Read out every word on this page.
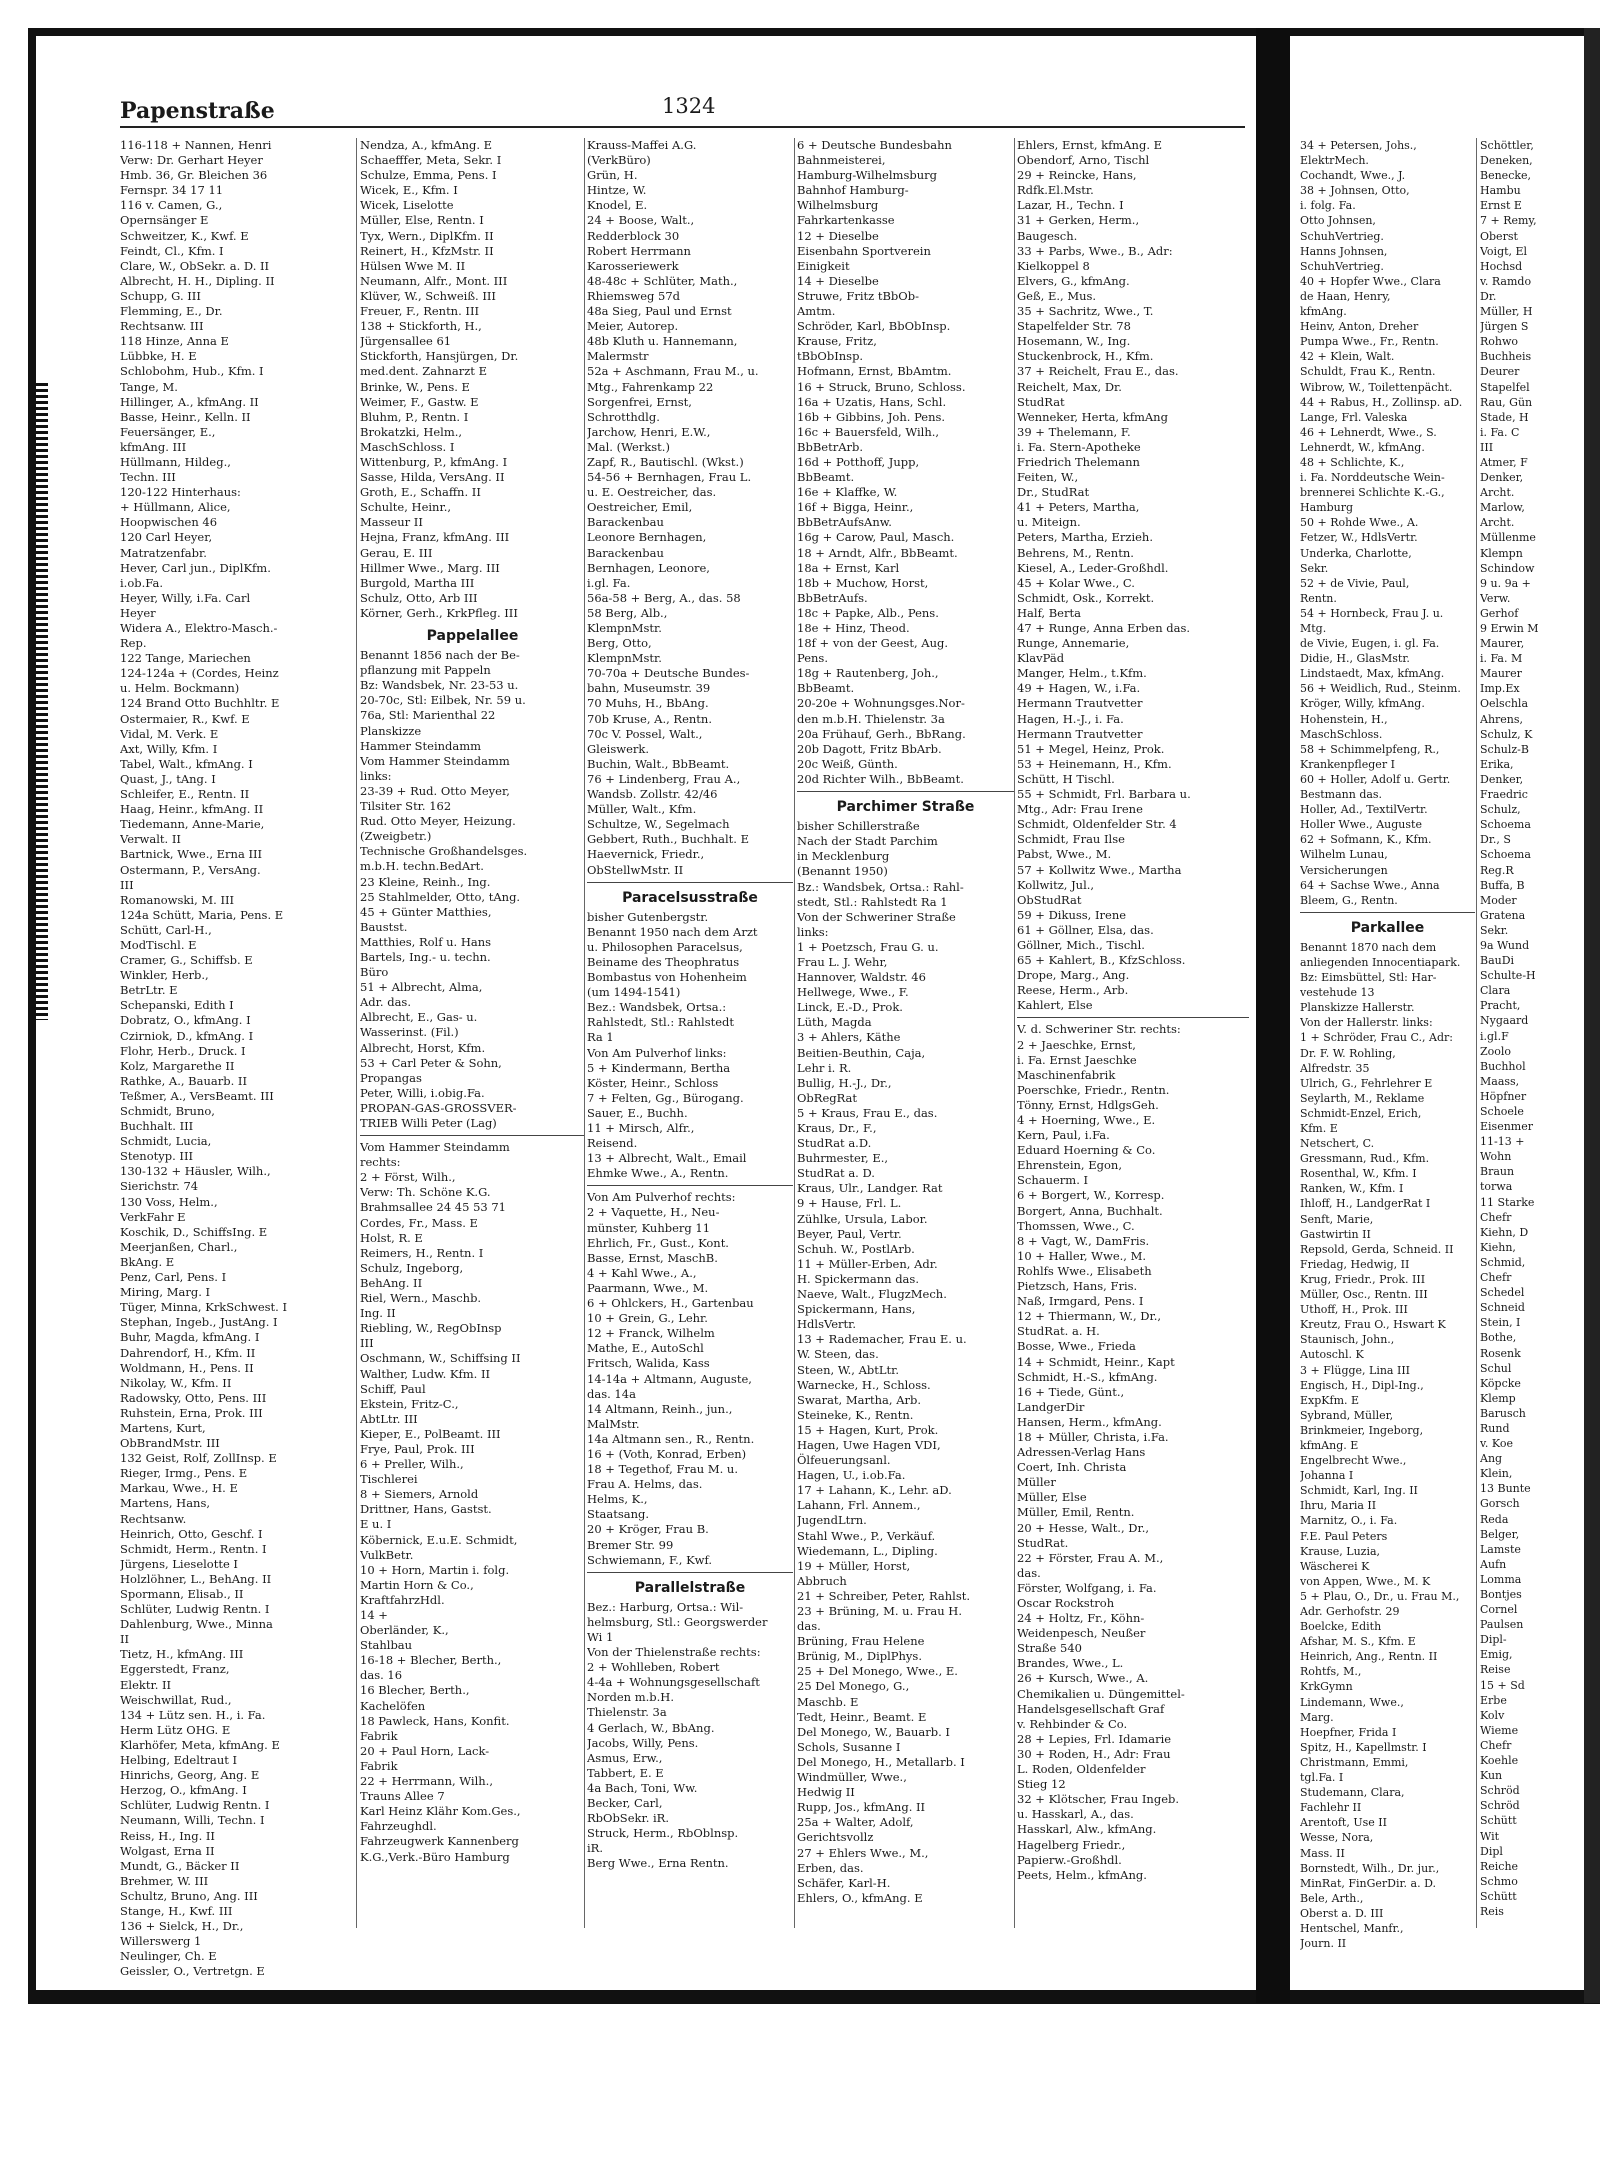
Papenstraße	1324

116-118 + Nannen, Henri

Verw: Dr. Gerhart Heyer

Hmb. 36, Gr. Bleichen 36

Fernspr. 34 17 11

116 v. Camen, G.,

Opernsänger E

Schweitzer, K., Kwf. E

Feindt, Cl., Kfm. I

Clare, W., ObSekr. a. D. II

Albrecht, H. H., Dipling. II

Schupp, G. III

Flemming, E., Dr.

Rechtsanw. III

118 Hinze, Anna E

Lübbke, H. E

Schlobohm, Hub., Kfm. I

Tange, M.

Hillinger, A., kfmAng. II

Basse, Heinr., Kelln. II

Feuersänger, E.,

kfmAng. III

Hüllmann, Hildeg.,

Techn. III

120-122 Hinterhaus:

+ Hüllmann, Alice,

Hoopwischen 46

120 Carl Heyer,

Matratzenfabr.

Hever, Carl jun., DiplKfm.

i.ob.Fa.

Heyer, Willy, i.Fa. Carl

Heyer

Widera A., Elektro-Masch.-

Rep.

122 Tange, Mariechen

124-124a + (Cordes, Heinz

u. Helm. Bockmann)

124 Brand Otto Buchhltr. E

Ostermaier, R., Kwf. E

Vidal, M. Verk. E

Axt, Willy, Kfm. I

Tabel, Walt., kfmAng. I

Quast, J., tAng. I

Schleifer, E., Rentn. II

Haag, Heinr., kfmAng. II

Tiedemann, Anne-Marie,

Verwalt. II

Bartnick, Wwe., Erna III

Ostermann, P., VersAng.

III

Romanowski, M. III

124a Schütt, Maria, Pens. E

Schütt, Carl-H.,

ModTischl. E

Cramer, G., Schiffsb. E

Winkler, Herb.,

BetrLtr. E

Schepanski, Edith I

Dobratz, O., kfmAng. I

Czirniok, D., kfmAng. I

Flohr, Herb., Druck. I

Kolz, Margarethe II

Rathke, A., Bauarb. II

Teßmer, A., VersBeamt. III

Schmidt, Bruno,

Buchhalt. III

Schmidt, Lucia,

Stenotyp. III

130-132 + Häusler, Wilh.,

Sierichstr. 74

130 Voss, Helm.,

VerkFahr E

Koschik, D., SchiffsIng. E

Meerjanßen, Charl.,

BkAng. E

Penz, Carl, Pens. I

Miring, Marg. I

Tüger, Minna, KrkSchwest. I

Stephan, Ingeb., JustAng. I

Buhr, Magda, kfmAng. I

Dahrendorf, H., Kfm. II

Woldmann, H., Pens. II

Nikolay, W., Kfm. II

Radowsky, Otto, Pens. III

Ruhstein, Erna, Prok. III

Martens, Kurt,

ObBrandMstr. III

132 Geist, Rolf, ZollInsp. E

Rieger, Irmg., Pens. E

Markau, Wwe., H. E

Martens, Hans,

Rechtsanw.

Heinrich, Otto, Geschf. I

Schmidt, Herm., Rentn. I

Jürgens, Lieselotte I

Holzlöhner, L., BehAng. II

Spormann, Elisab., II

Schlüter, Ludwig Rentn. I

Dahlenburg, Wwe., Minna

II

Tietz, H., kfmAng. III

Eggerstedt, Franz,

Elektr. II

Weischwillat, Rud.,

134 + Lütz sen. H., i. Fa.

Herm Lütz OHG. E

Klarhöfer, Meta, kfmAng. E

Helbing, Edeltraut I

Hinrichs, Georg, Ang. E

Herzog, O., kfmAng. I

Schlüter, Ludwig Rentn. I

Neumann, Willi, Techn. I

Reiss, H., Ing. II

Wolgast, Erna II

Mundt, G., Bäcker II

Brehmer, W. III

Schultz, Bruno, Ang. III

Stange, H., Kwf. III

136 + Sielck, H., Dr.,

Willerswerg 1

Neulinger, Ch. E

Geissler, O., Vertretgn. E

Nendza, A., kfmAng. E

Schaefffer, Meta, Sekr. I

Schulze, Emma, Pens. I

Wicek, E., Kfm. I

Wicek, Liselotte

Müller, Else, Rentn. I

Tyx, Wern., DiplKfm. II

Reinert, H., KfzMstr. II

Hülsen Wwe M. II

Neumann, Alfr., Mont. III

Klüver, W., Schweiß. III

Freuer, F., Rentn. III

138 + Stickforth, H.,

Jürgensallee 61

Stickforth, Hansjürgen, Dr.

med.dent. Zahnarzt E

Brinke, W., Pens. E

Weimer, F., Gastw. E

Bluhm, P., Rentn. I

Brokatzki, Helm.,

MaschSchloss. I

Wittenburg, P., kfmAng. I

Sasse, Hilda, VersAng. II

Groth, E., Schaffn. II

Schulte, Heinr.,

Masseur II

Hejna, Franz, kfmAng. III

Gerau, E. III

Hillmer Wwe., Marg. III

Burgold, Martha III

Schulz, Otto, Arb III

Körner, Gerh., KrkPfleg. III

Pappelallee

Benannt 1856 nach der Be-

pflanzung mit Pappeln

Bz: Wandsbek, Nr. 23-53 u.

20-70c, Stl: Eilbek, Nr. 59 u.

76a, Stl: Marienthal 22

Planskizze

Hammer Steindamm

Vom Hammer Steindamm

links:

23-39 + Rud. Otto Meyer,

Tilsiter Str. 162

Rud. Otto Meyer, Heizung.

(Zweigbetr.)

Technische Großhandelsges.

m.b.H. techn.BedArt.

23 Kleine, Reinh., Ing.

25 Stahlmelder, Otto, tAng.

45 + Günter Matthies,

Baustst.

Matthies, Rolf u. Hans

Bartels, Ing.- u. techn.

Büro

51 + Albrecht, Alma,

Adr. das.

Albrecht, E., Gas- u.

Wasserinst. (Fil.)

Albrecht, Horst, Kfm.

53 + Carl Peter & Sohn,

Propangas

Peter, Willi, i.obig.Fa.

PROPAN-GAS-GROSSVER-

TRIEB Willi Peter (Lag)

Vom Hammer Steindamm

rechts:

2 + Först, Wilh.,

Verw: Th. Schöne K.G.

Brahmsallee 24 45 53 71

Cordes, Fr., Mass. E

Holst, R. E

Reimers, H., Rentn. I

Schulz, Ingeborg,

BehAng. II

Riel, Wern., Maschb.

Ing. II

Riebling, W., RegObInsp

III

Oschmann, W., Schiffsing II

Walther, Ludw. Kfm. II

Schiff, Paul

Ekstein, Fritz-C.,

AbtLtr. III

Kieper, E., PolBeamt. III

Frye, Paul, Prok. III

6 + Preller, Wilh.,

Tischlerei

8 + Siemers, Arnold

Drittner, Hans, Gastst.

E u. I

Köbernick, E.u.E. Schmidt,

VulkBetr.

10 + Horn, Martin i. folg.

Martin Horn & Co.,

KraftfahrzHdl.

14 +

Oberländer, K.,

Stahlbau

16-18 + Blecher, Berth.,

das. 16

16 Blecher, Berth.,

Kachelöfen

18 Pawleck, Hans, Konfit.

Fabrik

20 + Paul Horn, Lack-

Fabrik

22 + Herrmann, Wilh.,

Trauns Allee 7

Karl Heinz Klähr Kom.Ges.,

Fahrzeughdl.

Fahrzeugwerk Kannenberg

K.G.,Verk.-Büro Hamburg

Krauss-Maffei A.G.

(VerkBüro)

Grün, H.

Hintze, W.

Knodel, E.

24 + Boose, Walt.,

Redderblock 30

Robert Herrmann

Karosseriewerk

48-48c + Schlüter, Math.,

Rhiemsweg 57d

48a Sieg, Paul und Ernst

Meier, Autorep.

48b Kluth u. Hannemann,

Malermstr

52a + Aschmann, Frau M., u.

Mtg., Fahrenkamp 22

Sorgenfrei, Ernst,

Schrotthdlg.

Jarchow, Henri, E.W.,

Mal. (Werkst.)

Zapf, R., Bautischl. (Wkst.)

54-56 + Bernhagen, Frau L.

u. E. Oestreicher, das.

Oestreicher, Emil,

Barackenbau

Leonore Bernhagen,

Barackenbau

Bernhagen, Leonore,

i.gl. Fa.

56a-58 + Berg, A., das. 58

58 Berg, Alb.,

KlempnMstr.

Berg, Otto,

KlempnMstr.

70-70a + Deutsche Bundes-

bahn, Museumstr. 39

70 Muhs, H., BbAng.

70b Kruse, A., Rentn.

70c V. Possel, Walt.,

Gleiswerk.

Buchin, Walt., BbBeamt.

76 + Lindenberg, Frau A.,

Wandsb. Zollstr. 42/46

Müller, Walt., Kfm.

Schultze, W., Segelmach

Gebbert, Ruth., Buchhalt. E

Haevernick, Friedr.,

ObStellwMstr. II

Paracelsusstraße

bisher Gutenbergstr.

Benannt 1950 nach dem Arzt

u. Philosophen Paracelsus,

Beiname des Theophratus

Bombastus von Hohenheim

(um 1494-1541)

Bez.: Wandsbek, Ortsa.:

Rahlstedt, Stl.: Rahlstedt

Ra 1

Von Am Pulverhof links:

5 + Kindermann, Bertha

Köster, Heinr., Schloss

7 + Felten, Gg., Bürogang.

Sauer, E., Buchh.

11 + Mirsch, Alfr.,

Reisend.

13 + Albrecht, Walt., Email

Ehmke Wwe., A., Rentn.

Von Am Pulverhof rechts:

2 + Vaquette, H., Neu-

münster, Kuhberg 11

Ehrlich, Fr., Gust., Kont.

Basse, Ernst, MaschB.

4 + Kahl Wwe., A.,

Paarmann, Wwe., M.

6 + Ohlckers, H., Gartenbau

10 + Grein, G., Lehr.

12 + Franck, Wilhelm

Mathe, E., AutoSchl

Fritsch, Walida, Kass

14-14a + Altmann, Auguste,

das. 14a

14 Altmann, Reinh., jun.,

MalMstr.

14a Altmann sen., R., Rentn.

16 + (Voth, Konrad, Erben)

18 + Tegethof, Frau M. u.

Frau A. Helms, das.

Helms, K.,

Staatsang.

20 + Kröger, Frau B.

Bremer Str. 99

Schwiemann, F., Kwf.

Parallelstraße

Bez.: Harburg, Ortsa.: Wil-

helmsburg, Stl.: Georgswerder

Wi 1

Von der Thielenstraße rechts:

2 + Wohlleben, Robert

4-4a + Wohnungsgesellschaft

Norden m.b.H.

Thielenstr. 3a

4 Gerlach, W., BbAng.

Jacobs, Willy, Pens.

Asmus, Erw.,

Tabbert, E. E

4a Bach, Toni, Ww.

Becker, Carl,

RbObSekr. iR.

Struck, Herm., RbOblnsp.

iR.

Berg Wwe., Erna Rentn.

6 + Deutsche Bundesbahn

Bahnmeisterei,

Hamburg-Wilhelmsburg

Bahnhof Hamburg-

Wilhelmsburg

Fahrkartenkasse

12 + Dieselbe

Eisenbahn Sportverein

Einigkeit

14 + Dieselbe

Struwe, Fritz tBbOb-

Amtm.

Schröder, Karl, BbObInsp.

Krause, Fritz,

tBbObInsp.

Hofmann, Ernst, BbAmtm.

16 + Struck, Bruno, Schloss.

16a + Uzatis, Hans, Schl.

16b + Gibbins, Joh. Pens.

16c + Bauersfeld, Wilh.,

BbBetrArb.

16d + Potthoff, Jupp,

BbBeamt.

16e + Klaffke, W.

16f + Bigga, Heinr.,

BbBetrAufsAnw.

16g + Carow, Paul, Masch.

18 + Arndt, Alfr., BbBeamt.

18a + Ernst, Karl

18b + Muchow, Horst,

BbBetrAufs.

18c + Papke, Alb., Pens.

18e + Hinz, Theod.

18f + von der Geest, Aug.

Pens.

18g + Rautenberg, Joh.,

BbBeamt.

20-20e + Wohnungsges.Nor-

den m.b.H. Thielenstr. 3a

20a Frühauf, Gerh., BbRang.

20b Dagott, Fritz BbArb.

20c Weiß, Günth.

20d Richter Wilh., BbBeamt.

Parchimer Straße

bisher Schillerstraße

Nach der Stadt Parchim

in Mecklenburg

(Benannt 1950)

Bz.: Wandsbek, Ortsa.: Rahl-

stedt, Stl.: Rahlstedt Ra 1

Von der Schweriner Straße

links:

1 + Poetzsch, Frau G. u.

Frau L. J. Wehr,

Hannover, Waldstr. 46

Hellwege, Wwe., F.

Linck, E.-D., Prok.

Lüth, Magda

3 + Ahlers, Käthe

Beitien-Beuthin, Caja,

Lehr i. R.

Bullig, H.-J., Dr.,

ObRegRat

5 + Kraus, Frau E., das.

Kraus, Dr., F.,

StudRat a.D.

Buhrmester, E.,

StudRat a. D.

Kraus, Ulr., Landger. Rat

9 + Hause, Frl. L.

Zühlke, Ursula, Labor.

Beyer, Paul, Vertr.

Schuh. W., PostlArb.

11 + Müller-Erben, Adr.

H. Spickermann das.

Naeve, Walt., FlugzMech.

Spickermann, Hans,

HdlsVertr.

13 + Rademacher, Frau E. u.

W. Steen, das.

Steen, W., AbtLtr.

Warnecke, H., Schloss.

Swarat, Martha, Arb.

Steineke, K., Rentn.

15 + Hagen, Kurt, Prok.

Hagen, Uwe Hagen VDI,

Ölfeuerungsanl.

Hagen, U., i.ob.Fa.

17 + Lahann, K., Lehr. aD.

Lahann, Frl. Annem.,

JugendLtrn.

Stahl Wwe., P., Verkäuf.

Wiedemann, L., Dipling.

19 + Müller, Horst,

Abbruch

21 + Schreiber, Peter, Rahlst.

23 + Brüning, M. u. Frau H.

das.

Brüning, Frau Helene

Brünig, M., DiplPhys.

25 + Del Monego, Wwe., E.

25 Del Monego, G.,

Maschb. E

Tedt, Heinr., Beamt. E

Del Monego, W., Bauarb. I

Schols, Susanne I

Del Monego, H., Metallarb. I

Windmüller, Wwe.,

Hedwig II

Rupp, Jos., kfmAng. II

25a + Walter, Adolf,

Gerichtsvollz

27 + Ehlers Wwe., M.,

Erben, das.

Schäfer, Karl-H.

Ehlers, O., kfmAng. E

Ehlers, Ernst, kfmAng. E

Obendorf, Arno, Tischl

29 + Reincke, Hans,

Rdfk.El.Mstr.

Lazar, H., Techn. I

31 + Gerken, Herm.,

Baugesch.

33 + Parbs, Wwe., B., Adr:

Kielkoppel 8

Elvers, G., kfmAng.

Geß, E., Mus.

35 + Sachritz, Wwe., T.

Stapelfelder Str. 78

Hosemann, W., Ing.

Stuckenbrock, H., Kfm.

37 + Reichelt, Frau E., das.

Reichelt, Max, Dr.

StudRat

Wenneker, Herta, kfmAng

39 + Thelemann, F.

i. Fa. Stern-Apotheke

Friedrich Thelemann

Feiten, W.,

Dr., StudRat

41 + Peters, Martha,

u. Miteign.

Peters, Martha, Erzieh.

Behrens, M., Rentn.

Kiesel, A., Leder-Großhdl.

45 + Kolar Wwe., C.

Schmidt, Osk., Korrekt.

Half, Berta

47 + Runge, Anna Erben das.

Runge, Annemarie,

KlavPäd

Manger, Helm., t.Kfm.

49 + Hagen, W., i.Fa.

Hermann Trautvetter

Hagen, H.-J., i. Fa.

Hermann Trautvetter

51 + Megel, Heinz, Prok.

53 + Heinemann, H., Kfm.

Schütt, H Tischl.

55 + Schmidt, Frl. Barbara u.

Mtg., Adr: Frau Irene

Schmidt, Oldenfelder Str. 4

Schmidt, Frau Ilse

Pabst, Wwe., M.

57 + Kollwitz Wwe., Martha

Kollwitz, Jul.,

ObStudRat

59 + Dikuss, Irene

61 + Göllner, Elsa, das.

Göllner, Mich., Tischl.

65 + Kahlert, B., KfzSchloss.

Drope, Marg., Ang.

Reese, Herm., Arb.

Kahlert, Else

V. d. Schweriner Str. rechts:

2 + Jaeschke, Ernst,

i. Fa. Ernst Jaeschke

Maschinenfabrik

Poerschke, Friedr., Rentn.

Tönny, Ernst, HdlgsGeh.

4 + Hoerning, Wwe., E.

Kern, Paul, i.Fa.

Eduard Hoerning & Co.

Ehrenstein, Egon,

Schauerm. I

6 + Borgert, W., Korresp.

Borgert, Anna, Buchhalt.

Thomssen, Wwe., C.

8 + Vagt, W., DamFris.

10 + Haller, Wwe., M.

Rohlfs Wwe., Elisabeth

Pietzsch, Hans, Fris.

Naß, Irmgard, Pens. I

12 + Thiermann, W., Dr.,

StudRat. a. H.

Bosse, Wwe., Frieda

14 + Schmidt, Heinr., Kapt

Schmidt, H.-S., kfmAng.

16 + Tiede, Günt.,

LandgerDir

Hansen, Herm., kfmAng.

18 + Müller, Christa, i.Fa.

Adressen-Verlag Hans

Coert, Inh. Christa

Müller

Müller, Else

Müller, Emil, Rentn.

20 + Hesse, Walt., Dr.,

StudRat.

22 + Förster, Frau A. M.,

das.

Förster, Wolfgang, i. Fa.

Oscar Rockstroh

24 + Holtz, Fr., Köhn-

Weidenpesch, Neußer

Straße 540

Brandes, Wwe., L.

26 + Kursch, Wwe., A.

Chemikalien u. Düngemittel-

Handelsgesellschaft Graf

v. Rehbinder & Co.

28 + Lepies, Frl. Idamarie

30 + Roden, H., Adr: Frau

L. Roden, Oldenfelder

Stieg 12

32 + Klötscher, Frau Ingeb.

u. Hasskarl, A., das.

Hasskarl, Alw., kfmAng.

Hagelberg Friedr.,

Papierw.-Großhdl.

Peets, Helm., kfmAng.

34 + Petersen, Johs.,

ElektrMech.

Cochandt, Wwe., J.

38 + Johnsen, Otto,

i. folg. Fa.

Otto Johnsen,

SchuhVertrieg.

Hanns Johnsen,

SchuhVertrieg.

40 + Hopfer Wwe., Clara

de Haan, Henry,

kfmAng.

Heinv, Anton, Dreher

Pumpa Wwe., Fr., Rentn.

42 + Klein, Walt.

Schuldt, Frau K., Rentn.

Wibrow, W., Toilettenpächt.

44 + Rabus, H., Zollinsp. aD.

Lange, Frl. Valeska

46 + Lehnerdt, Wwe., S.

Lehnerdt, W., kfmAng.

48 + Schlichte, K.,

i. Fa. Norddeutsche Wein-

brennerei Schlichte K.-G.,

Hamburg

50 + Rohde Wwe., A.

Fetzer, W., HdlsVertr.

Underka, Charlotte,

Sekr.

52 + de Vivie, Paul,

Rentn.

54 + Hornbeck, Frau J. u.

Mtg.

de Vivie, Eugen, i. gl. Fa.

Didie, H., GlasMstr.

Lindstaedt, Max, kfmAng.

56 + Weidlich, Rud., Steinm.

Kröger, Willy, kfmAng.

Hohenstein, H.,

MaschSchloss.

58 + Schimmelpfeng, R.,

Krankenpfleger I

60 + Holler, Adolf u. Gertr.

Bestmann das.

Holler, Ad., TextilVertr.

Holler Wwe., Auguste

62 + Sofmann, K., Kfm.

Wilhelm Lunau,

Versicherungen

64 + Sachse Wwe., Anna

Bleem, G., Rentn.

Parkallee

Benannt 1870 nach dem

anliegenden Innocentiapark.

Bz: Eimsbüttel, Stl: Har-

vestehude 13

Planskizze Hallerstr.

Von der Hallerstr. links:

1 + Schröder, Frau C., Adr:

Dr. F. W. Rohling,

Alfredstr. 35

Ulrich, G., Fehrlehrer E

Seylarth, M., Reklame

Schmidt-Enzel, Erich,

Kfm. E

Netschert, C.

Gressmann, Rud., Kfm.

Rosenthal, W., Kfm. I

Ranken, W., Kfm. I

Ihloff, H., LandgerRat I

Senft, Marie,

Gastwirtin II

Repsold, Gerda, Schneid. II

Friedag, Hedwig, II

Krug, Friedr., Prok. III

Müller, Osc., Rentn. III

Uthoff, H., Prok. III

Kreutz, Frau O., Hswart K

Staunisch, John.,

Autoschl. K

3 + Flügge, Lina III

Engisch, H., Dipl-Ing.,

ExpKfm. E

Sybrand, Müller,

Brinkmeier, Ingeborg,

kfmAng. E

Engelbrecht Wwe.,

Johanna I

Schmidt, Karl, Ing. II

Ihru, Maria II

Marnitz, O., i. Fa.

F.E. Paul Peters

Krause, Luzia,

Wäscherei K

von Appen, Wwe., M. K

5 + Plau, O., Dr., u. Frau M.,

Adr. Gerhofstr. 29

Boelcke, Edith

Afshar, M. S., Kfm. E

Heinrich, Ang., Rentn. II

Rohtfs, M.,

KrkGymn

Lindemann, Wwe.,

Marg.

Hoepfner, Frida I

Spitz, H., Kapellmstr. I

Christmann, Emmi,

tgl.Fa. I

Studemann, Clara,

Fachlehr II

Arentoft, Use II

Wesse, Nora,

Mass. II

Bornstedt, Wilh., Dr. jur.,

MinRat, FinGerDir. a. D.

Bele, Arth.,

Oberst a. D. III

Hentschel, Manfr.,

Journ. II

Schöttler,

Deneken,

Benecke,

Hambu

Ernst E

7 + Remy,

Oberst

Voigt, El

Hochsd

v. Ramdo

Dr.

Müller, H

Jürgen S

Rohwo

Buchheis

Deurer

Stapelfel

Rau, Gün

Stade, H

i. Fa. C

III

Atmer, F

Denker,

Archt.

Marlow,

Archt.

Müllenme

Klempn

Schindow

9 u. 9a +

Verw.

Gerhof

9 Erwin M

Maurer,

i. Fa. M

Maurer

Imp.Ex

Oelschla

Ahrens,

Schulz, K

Schulz-B

Erika,

Denker,

Fraedric

Schulz,

Schoema

Dr., S

Schoema

Reg.R

Buffa, B

Moder

Gratena

Sekr.

9a Wund

BauDi

Schulte-H

Clara

Pracht,

Nygaard

i.gl.F

Zoolo

Buchhol

Maass,

Höpfner

Schoele

Eisenmer

11-13 +

Wohn

Braun

torwa

11 Starke

Chefr

Kiehn, D

Kiehn,

Schmid,

Chefr

Schedel

Schneid

Stein, I

Bothe,

Rosenk

Schul

Köpcke

Klemp

Barusch

Rund

v. Koe

Ang

Klein,

13 Bunte

Gorsch

Reda

Belger,

Lamste

Aufn

Lomma

Bontjes

Cornel

Paulsen

Dipl-

Emig,

Reise

15 + Sd

Erbe

Kolv

Wieme

Chefr

Koehle

Kun

Schröd

Schröd

Schütt

Wit

Dipl

Reiche

Schmo

Schütt

Reis
